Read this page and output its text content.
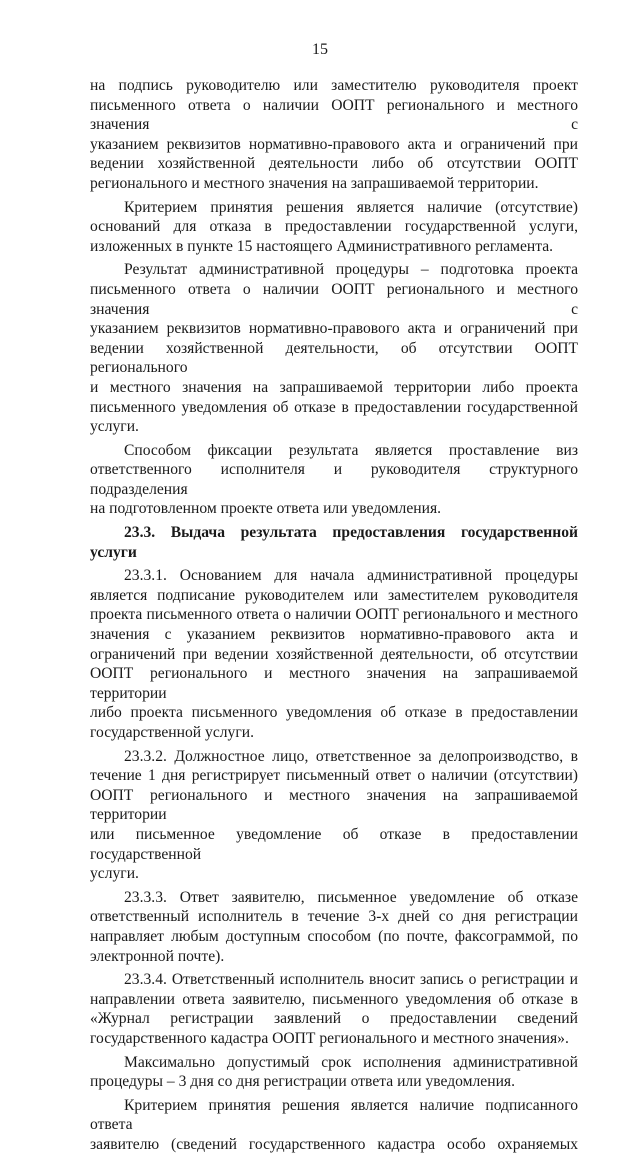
15

на подпись руководителю или заместителю руководителя проект
письменного ответа о наличии ООПТ регионального и местного значения с
указанием реквизитов нормативно-правового акта и ограничений при
ведении хозяйственной деятельности либо об отсутствии ООПТ
регионального и местного значения на запрашиваемой территории.

Критерием принятия решения является наличие (отсутствие)
оснований для отказа в предоставлении государственной услуги,
изложенных в пункте 15 настоящего Административного регламента.

Результат административной процедуры – подготовка проекта
письменного ответа о наличии ООПТ регионального и местного значения с
указанием реквизитов нормативно-правового акта и ограничений при
ведении хозяйственной деятельности, об отсутствии ООПТ регионального
и местного значения на запрашиваемой территории либо проекта
письменного уведомления об отказе в предоставлении государственной
услуги.

Способом фиксации результата является проставление виз
ответственного исполнителя и руководителя структурного подразделения
на подготовленном проекте ответа или уведомления.

23.3. Выдача результата предоставления государственной услуги

23.3.1. Основанием для начала административной процедуры
является подписание руководителем или заместителем руководителя
проекта письменного ответа о наличии ООПТ регионального и местного
значения с указанием реквизитов нормативно-правового акта и
ограничений при ведении хозяйственной деятельности, об отсутствии
ООПТ регионального и местного значения на запрашиваемой территории
либо проекта письменного уведомления об отказе в предоставлении
государственной услуги.

23.3.2. Должностное лицо, ответственное за делопроизводство, в
течение 1 дня регистрирует письменный ответ о наличии (отсутствии)
ООПТ регионального и местного значения на запрашиваемой территории
или письменное уведомление об отказе в предоставлении государственной
услуги.

23.3.3. Ответ заявителю, письменное уведомление об отказе
ответственный исполнитель в течение 3-х дней со дня регистрации
направляет любым доступным способом (по почте, факсограммой, по
электронной почте).

23.3.4. Ответственный исполнитель вносит запись о регистрации и
направлении ответа заявителю, письменного уведомления об отказе в
«Журнал регистрации заявлений о предоставлении сведений
государственного кадастра ООПТ регионального и местного значения».

Максимально допустимый срок исполнения административной
процедуры – 3 дня со дня регистрации ответа или уведомления.

Критерием принятия решения является наличие подписанного ответа
заявителю (сведений государственного кадастра особо охраняемых
